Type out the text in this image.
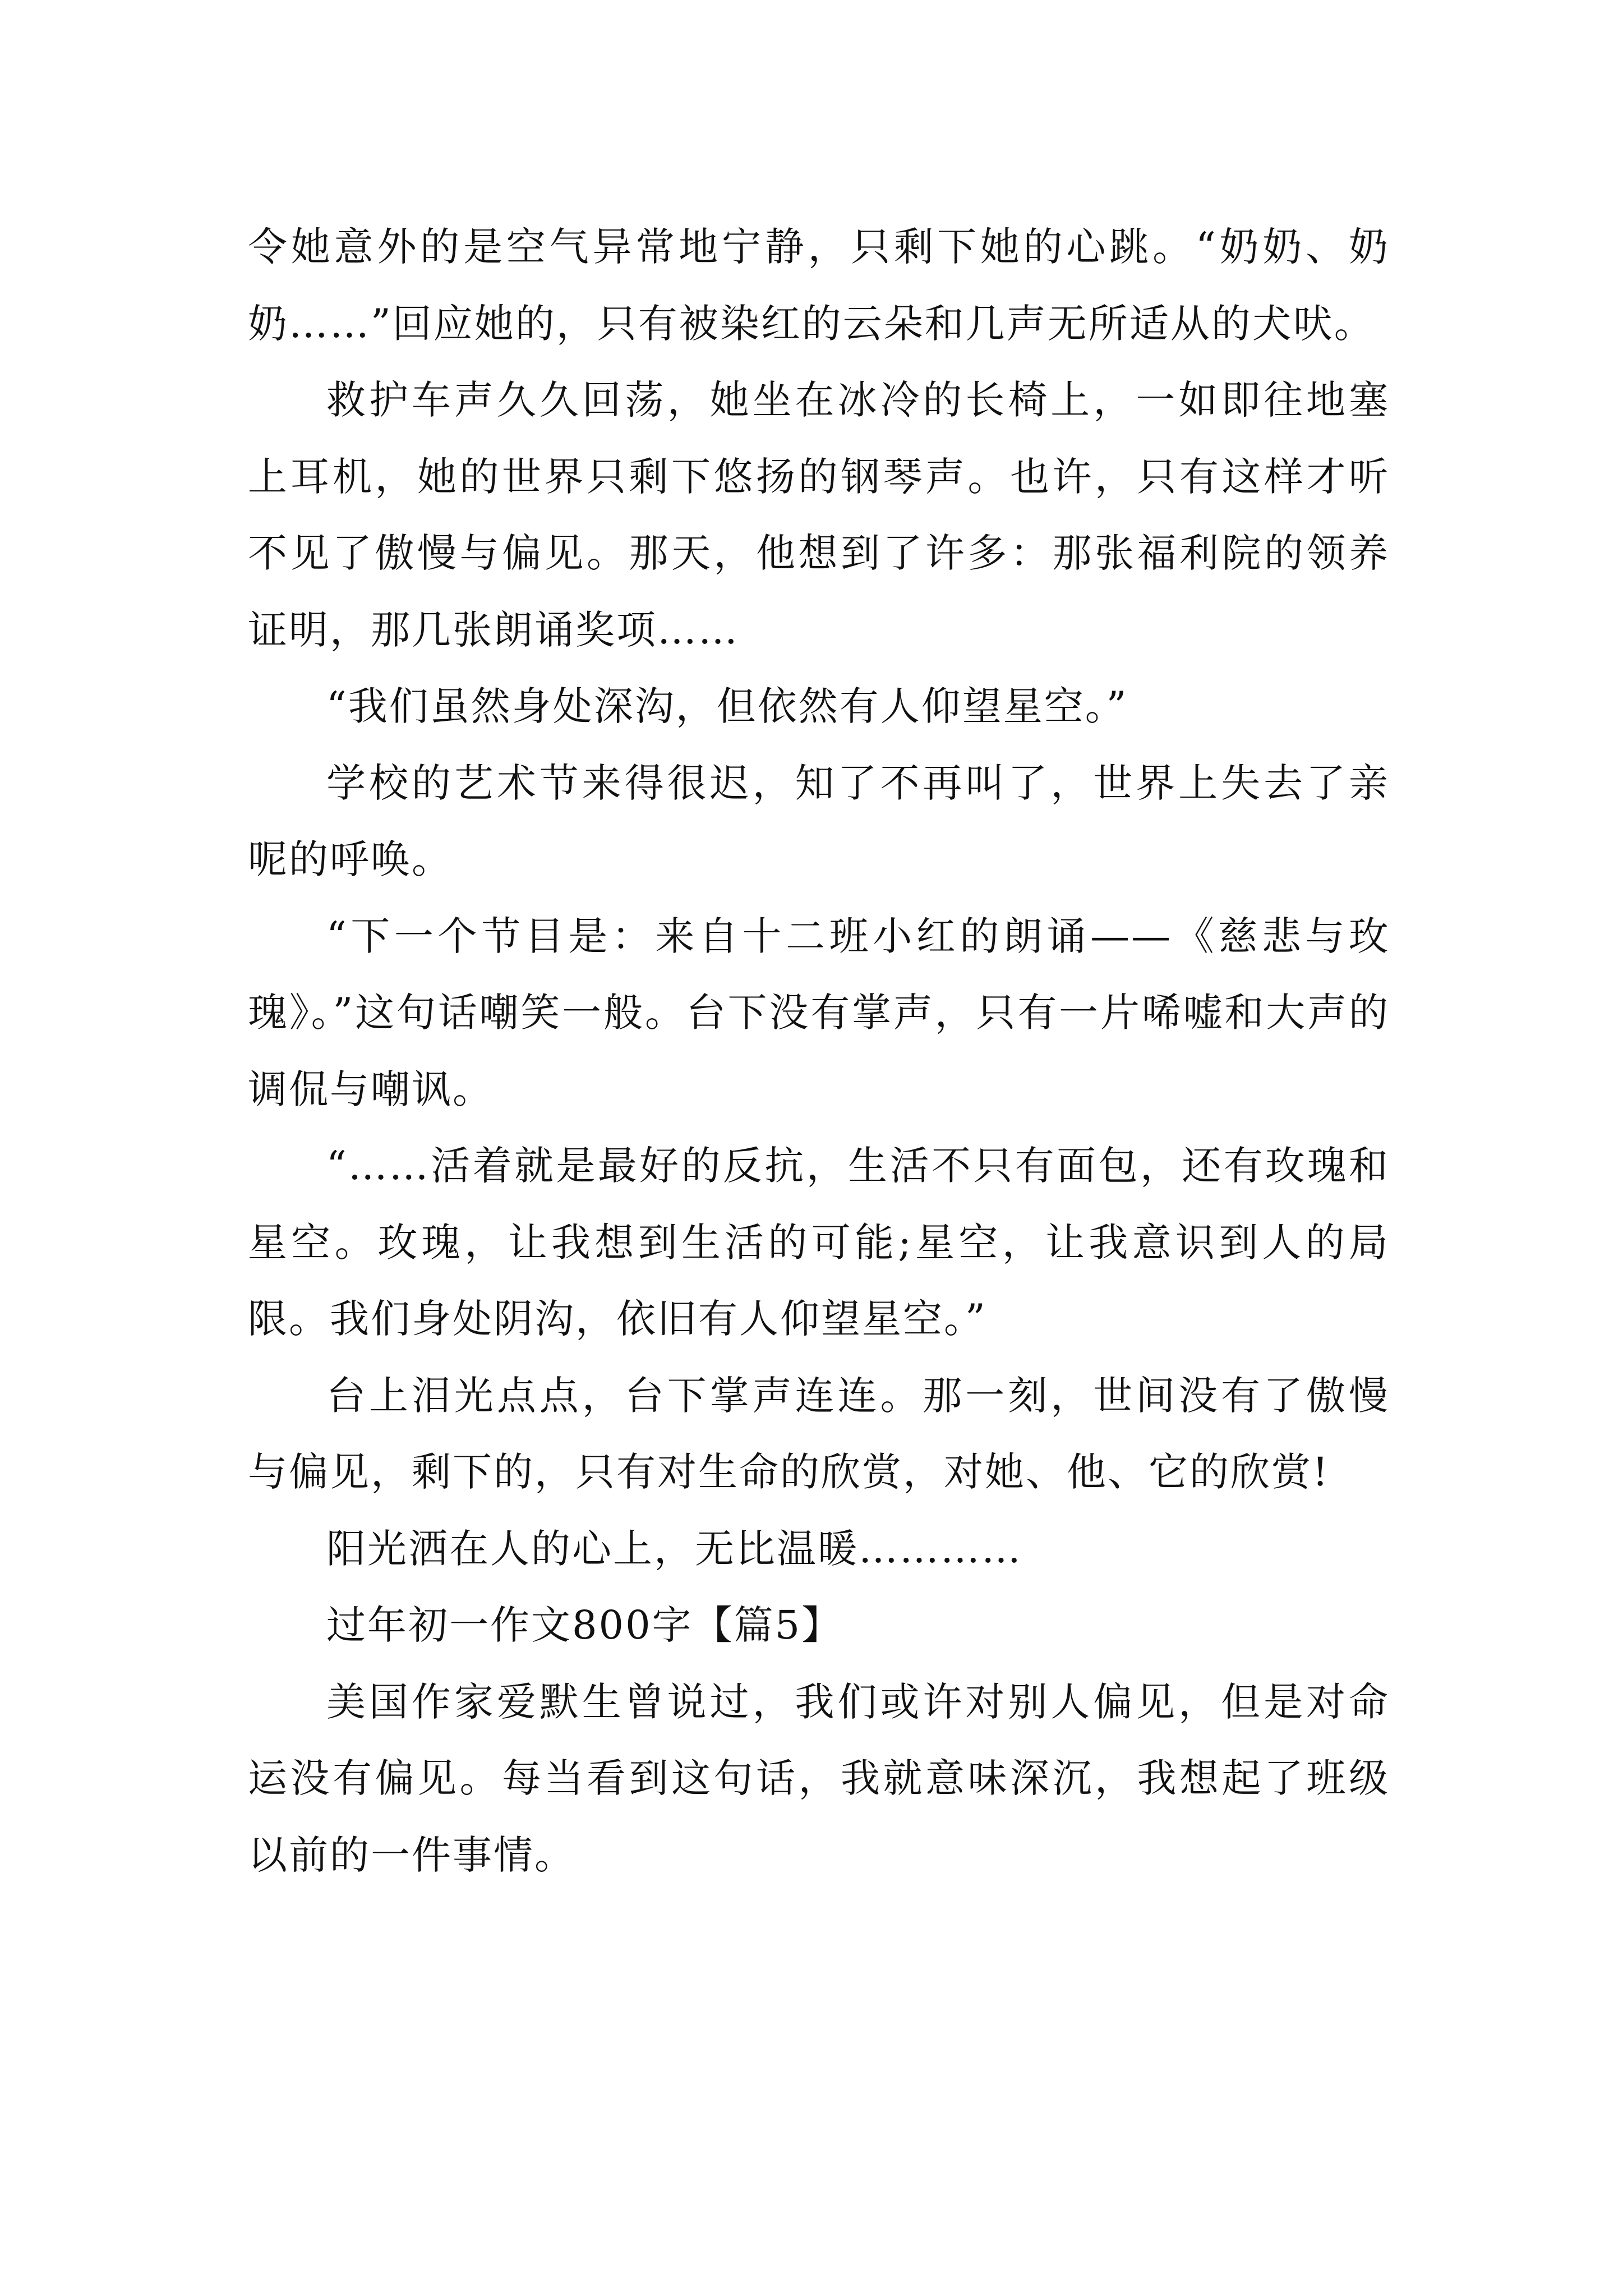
令她意外的是空气异常地宁静，只剩下她的心跳。“奶奶、奶奶……”回应她的，只有被染红的云朵和几声无所适从的犬吠。

救护车声久久回荡，她坐在冰冷的长椅上，一如即往地塞上耳机，她的世界只剩下悠扬的钢琴声。也许，只有这样才听不见了傲慢与偏见。那天，他想到了许多：那张福利院的领养证明，那几张朗诵奖项……

“我们虽然身处深沟，但依然有人仰望星空。”

学校的艺术节来得很迟，知了不再叫了，世界上失去了亲呢的呼唤。

“下一个节目是：来自十二班小红的朗诵——《慈悲与玫瑰》。”这句话嘲笑一般。台下没有掌声，只有一片唏嘘和大声的调侃与嘲讽。

“……活着就是最好的反抗，生活不只有面包，还有玫瑰和星空。玫瑰，让我想到生活的可能;星空，让我意识到人的局限。我们身处阴沟，依旧有人仰望星空。”

台上泪光点点，台下掌声连连。那一刻，世间没有了傲慢与偏见，剩下的，只有对生命的欣赏，对她、他、它的欣赏!

阳光洒在人的心上，无比温暖…………

过年初一作文800字【篇5】

美国作家爱默生曾说过，我们或许对别人偏见，但是对命运没有偏见。每当看到这句话，我就意味深沉，我想起了班级以前的一件事情。
